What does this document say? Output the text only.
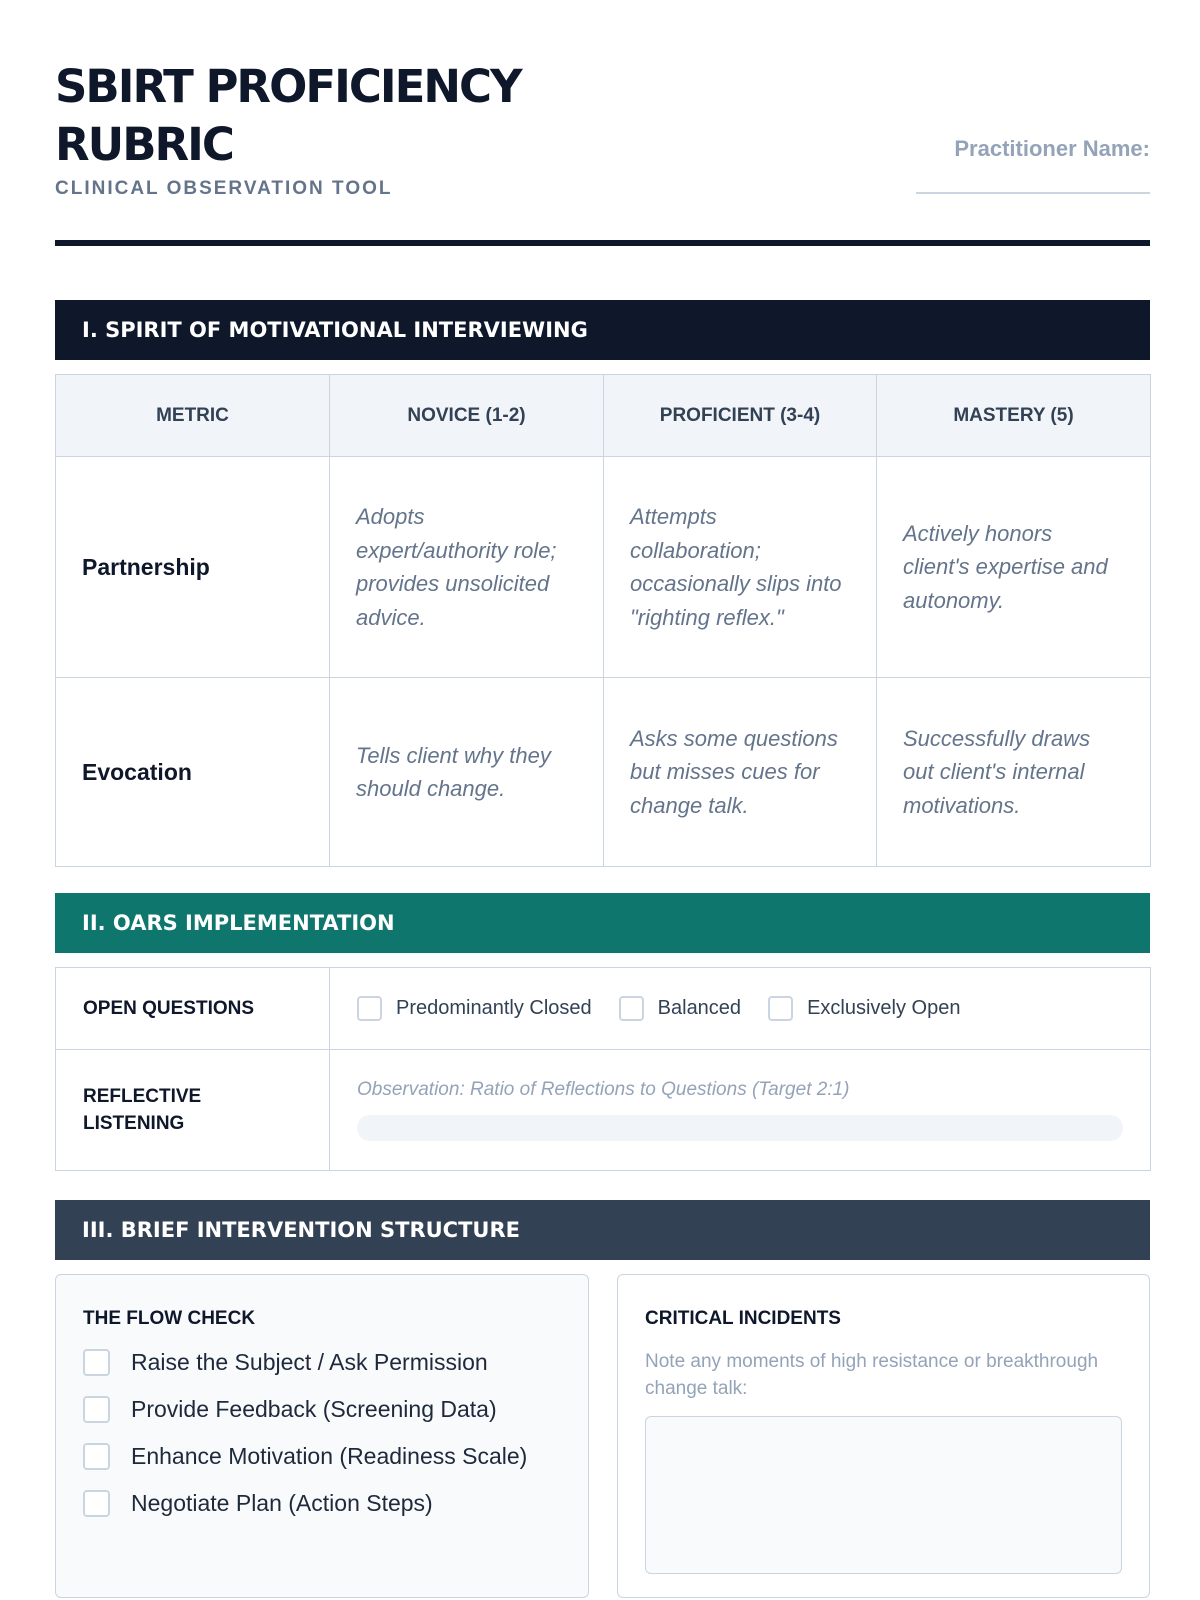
SBIRT PROFICIENCY RUBRIC
CLINICAL OBSERVATION TOOL
Practitioner Name:
I. SPIRIT OF MOTIVATIONAL INTERVIEWING
METRIC	NOVICE (1-2)	PROFICIENT (3-4)	MASTERY (5)
Partnership	Adopts expert/authority role; provides unsolicited advice.	Attempts collaboration; occasionally slips into "righting reflex."	Actively honors client's expertise and autonomy.
Evocation	Tells client why they should change.	Asks some questions but misses cues for change talk.	Successfully draws out client's internal motivations.
II. OARS IMPLEMENTATION
OPEN QUESTIONS	Predominantly Closed Balanced Exclusively Open

REFLECTIVE LISTENING	Observation: Ratio of Reflections to Questions (Target 2:1)
III. BRIEF INTERVENTION STRUCTURE
THE FLOW CHECK
Raise the Subject / Ask Permission
Provide Feedback (Screening Data)
Enhance Motivation (Readiness Scale)
Negotiate Plan (Action Steps)
CRITICAL INCIDENTS
Note any moments of high resistance or breakthrough change talk:
